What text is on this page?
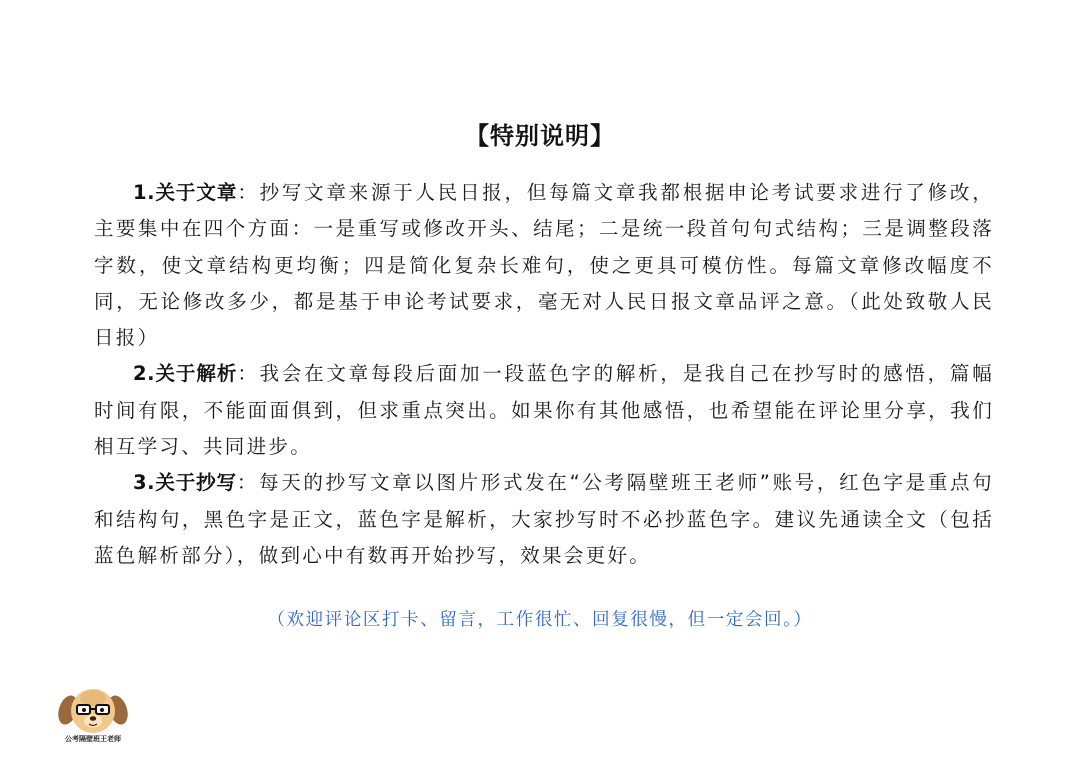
【特别说明】

1.关于文章：抄写文章来源于人民日报，但每篇文章我都根据申论考试要求进行了修改，主要集中在四个方面：一是重写或修改开头、结尾；二是统一段首句句式结构；三是调整段落字数，使文章结构更均衡；四是简化复杂长难句，使之更具可模仿性。每篇文章修改幅度不同，无论修改多少，都是基于申论考试要求，毫无对人民日报文章品评之意。（此处致敬人民日报）

2.关于解析：我会在文章每段后面加一段蓝色字的解析，是我自己在抄写时的感悟，篇幅时间有限，不能面面俱到，但求重点突出。如果你有其他感悟，也希望能在评论里分享，我们相互学习、共同进步。

3.关于抄写：每天的抄写文章以图片形式发在“公考隔壁班王老师”账号，红色字是重点句和结构句，黑色字是正文，蓝色字是解析，大家抄写时不必抄蓝色字。建议先通读全文（包括蓝色解析部分），做到心中有数再开始抄写，效果会更好。

（欢迎评论区打卡、留言，工作很忙、回复很慢，但一定会回。）
公考隔壁班王老师
